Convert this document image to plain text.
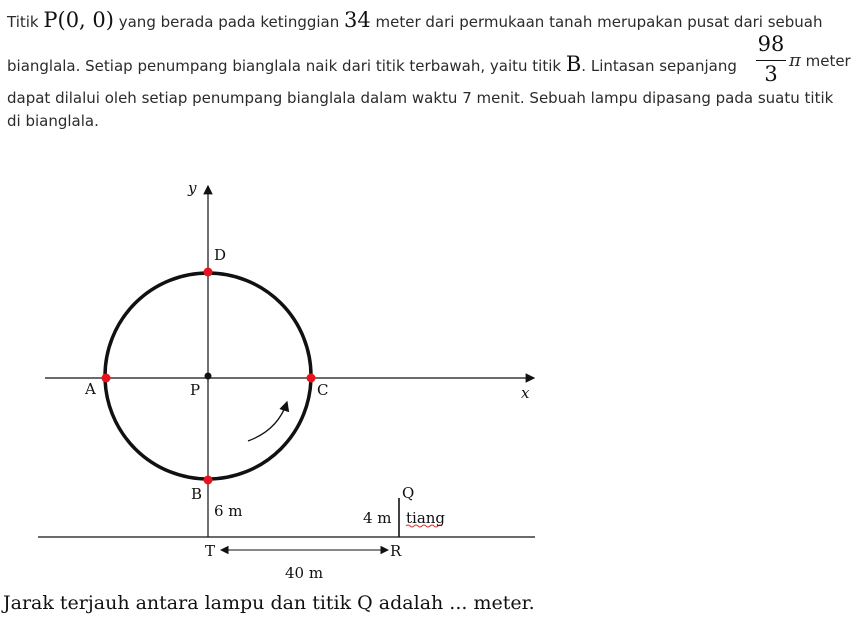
Titik P(0, 0) yang berada pada ketinggian 34 meter dari permukaan tanah merupakan pusat dari sebuah
bianglala. Setiap penumpang bianglala naik dari titik terbawah, yaitu titik B. Lintasan sepanjang
98
3
π meter
dapat dilalui oleh setiap penumpang bianglala dalam waktu 7 menit. Sebuah lampu dipasang pada suatu titik
di bianglala.
y
x
D
A	P	C
B
6 m
Q
4 m tiang
T	R
40 m
Jarak terjauh antara lampu dan titik Q adalah ... meter.
